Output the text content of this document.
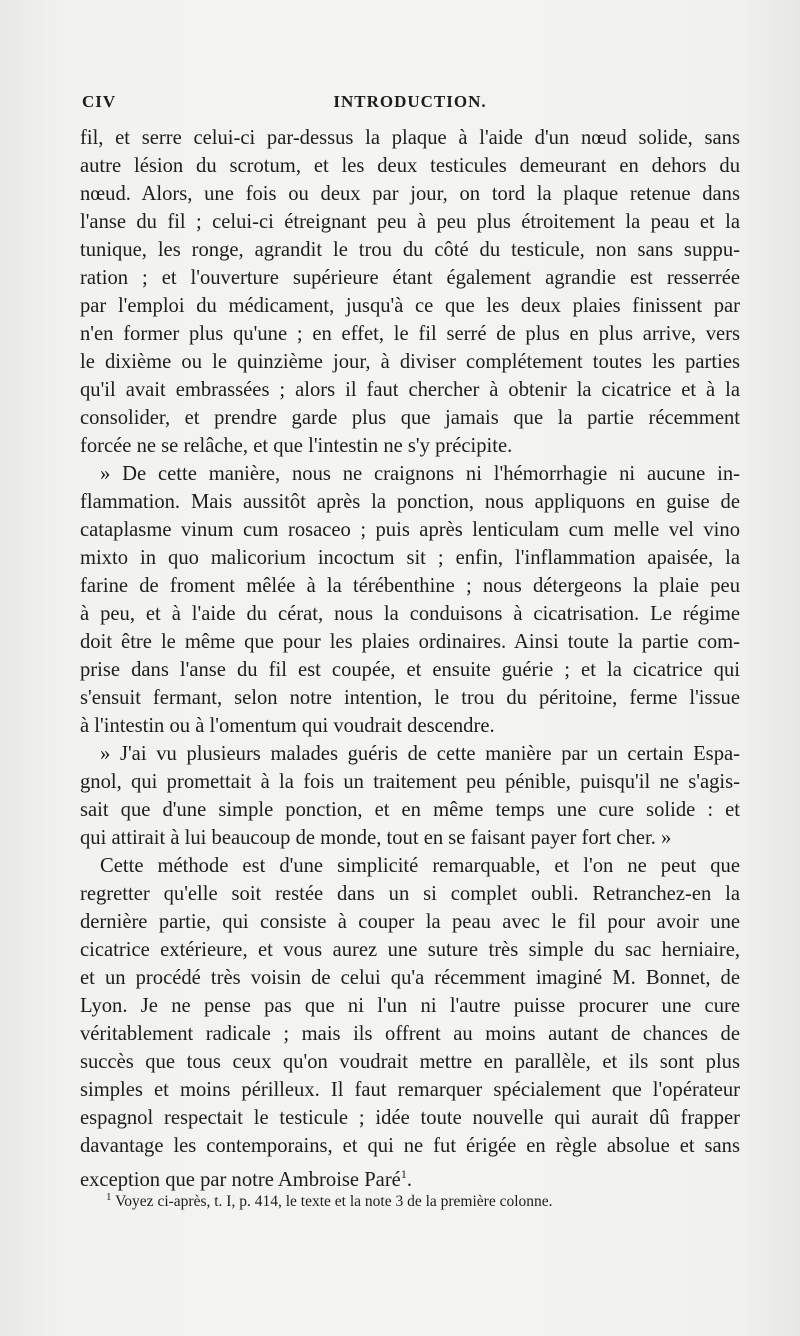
CIV	INTRODUCTION.
fil, et serre celui-ci par-dessus la plaque à l'aide d'un nœud solide, sans
autre lésion du scrotum, et les deux testicules demeurant en dehors du
nœud. Alors, une fois ou deux par jour, on tord la plaque retenue dans
l'anse du fil ; celui-ci étreignant peu à peu plus étroitement la peau et la
tunique, les ronge, agrandit le trou du côté du testicule, non sans suppu-
ration ; et l'ouverture supérieure étant également agrandie est resserrée
par l'emploi du médicament, jusqu'à ce que les deux plaies finissent par
n'en former plus qu'une ; en effet, le fil serré de plus en plus arrive, vers
le dixième ou le quinzième jour, à diviser complétement toutes les parties
qu'il avait embrassées ; alors il faut chercher à obtenir la cicatrice et à la
consolider, et prendre garde plus que jamais que la partie récemment
forcée ne se relâche, et que l'intestin ne s'y précipite.
» De cette manière, nous ne craignons ni l'hémorrhagie ni aucune in-
flammation. Mais aussitôt après la ponction, nous appliquons en guise de
cataplasme vinum cum rosaceo ; puis après lenticulam cum melle vel vino
mixto in quo malicorium incoctum sit ; enfin, l'inflammation apaisée, la
farine de froment mêlée à la térébenthine ; nous détergeons la plaie peu
à peu, et à l'aide du cérat, nous la conduisons à cicatrisation. Le régime
doit être le même que pour les plaies ordinaires. Ainsi toute la partie com-
prise dans l'anse du fil est coupée, et ensuite guérie ; et la cicatrice qui
s'ensuit fermant, selon notre intention, le trou du péritoine, ferme l'issue
à l'intestin ou à l'omentum qui voudrait descendre.
» J'ai vu plusieurs malades guéris de cette manière par un certain Espa-
gnol, qui promettait à la fois un traitement peu pénible, puisqu'il ne s'agis-
sait que d'une simple ponction, et en même temps une cure solide : et
qui attirait à lui beaucoup de monde, tout en se faisant payer fort cher. »
Cette méthode est d'une simplicité remarquable, et l'on ne peut que
regretter qu'elle soit restée dans un si complet oubli. Retranchez-en la
dernière partie, qui consiste à couper la peau avec le fil pour avoir une
cicatrice extérieure, et vous aurez une suture très simple du sac herniaire,
et un procédé très voisin de celui qu'a récemment imaginé M. Bonnet, de
Lyon. Je ne pense pas que ni l'un ni l'autre puisse procurer une cure
véritablement radicale ; mais ils offrent au moins autant de chances de
succès que tous ceux qu'on voudrait mettre en parallèle, et ils sont plus
simples et moins périlleux. Il faut remarquer spécialement que l'opérateur
espagnol respectait le testicule ; idée toute nouvelle qui aurait dû frapper
davantage les contemporains, et qui ne fut érigée en règle absolue et sans
exception que par notre Ambroise Paré$^1$.
$^1$ Voyez ci-après, t. I, p. 414, le texte et la note 3 de la première colonne.
